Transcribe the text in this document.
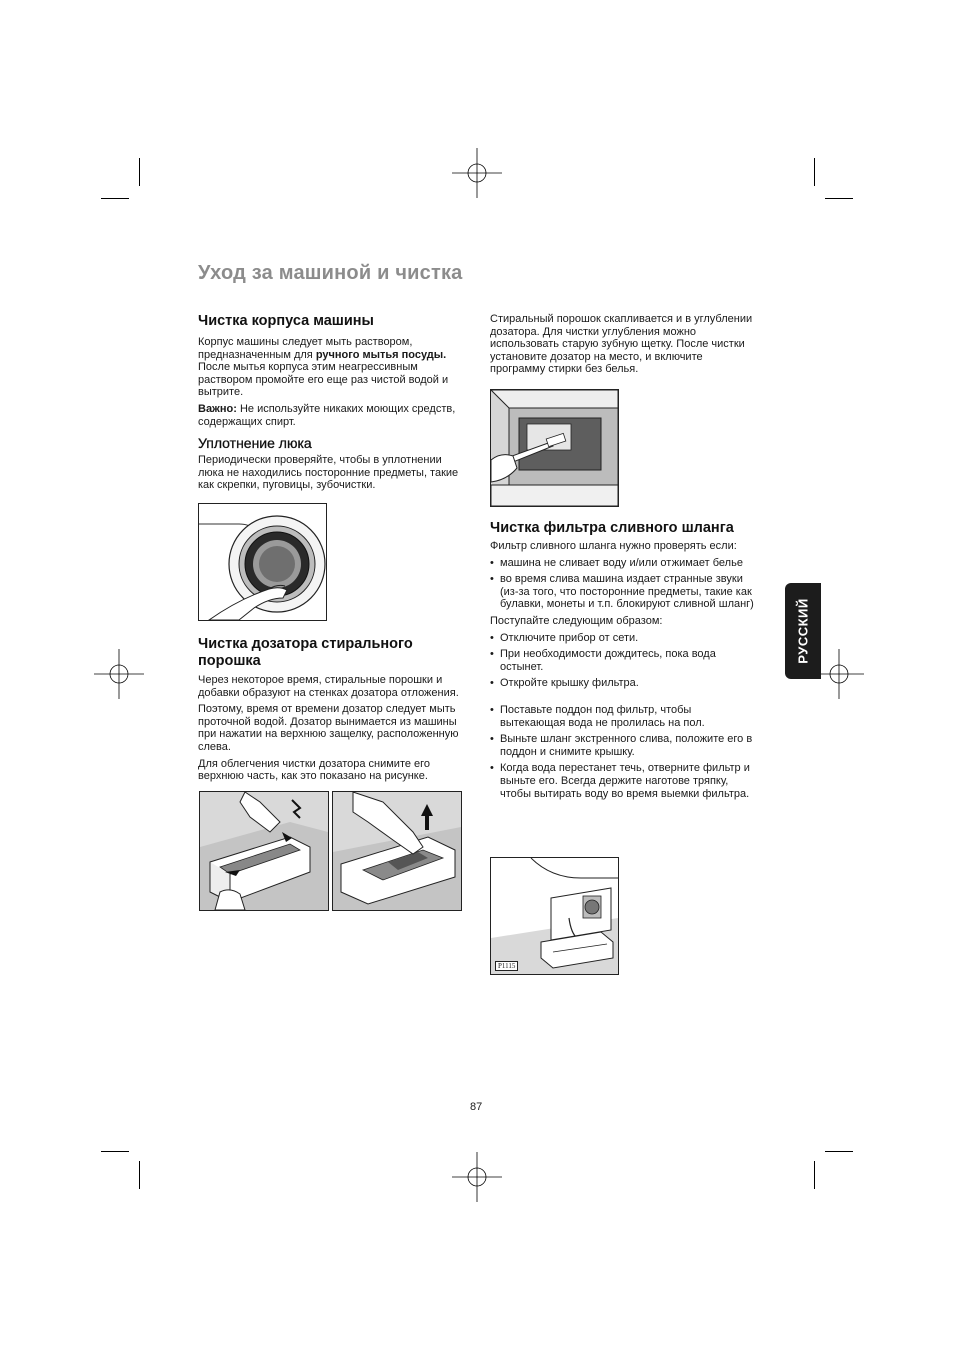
Уход за машиной и чистка
Чистка корпуса машины

Корпус машины следует мыть раствором, предназначенным для ручного мытья посуды. После мытья корпуса этим неагрессивным раствором промойте его еще раз чистой водой и вытрите.

Важно: Не используйте никаких моющих средств, содержащих спирт.

Уплотнение люка

Периодически проверяйте, чтобы в уплотнении люка не находились посторонние предметы, такие как скрепки, пуговицы, зубочистки.

Чистка дозатора стирального порошка

Через некоторое время, стиральные порошки и добавки образуют на стенках дозатора отложения.

Поэтому, время от времени дозатор следует мыть проточной водой. Дозатор вынимается из машины при нажатии на верхнюю защелку, расположенную слева.

Для облегчения чистки дозатора снимите его верхнюю часть, как это показано на рисунке.

Стиральный порошок скапливается и в углублении дозатора. Для чистки углубления можно использовать старую зубную щетку. После чистки установите дозатор на место, и включите программу стирки без белья.

Чистка фильтра сливного шланга

Фильтр сливного шланга нужно проверять если:

• машина не сливает воду и/или отжимает белье
• во время слива машина издает странные звуки (из-за того, что посторонние предметы, такие как булавки, монеты и т.п. блокируют сливной шланг)

Поступайте следующим образом:

• Отключите прибор от сети.
• При необходимости дождитесь, пока вода остынет.
• Откройте крышку фильтра.
• Поставьте поддон под фильтр, чтобы вытекающая вода не пролилась на пол.
• Выньте шланг экстренного слива, положите его в поддон и снимите крышку.
• Когда вода перестанет течь, отверните фильтр и выньте его. Всегда держите наготове тряпку, чтобы вытирать воду во время выемки фильтра.
P1115
РУССКИЙ
87
